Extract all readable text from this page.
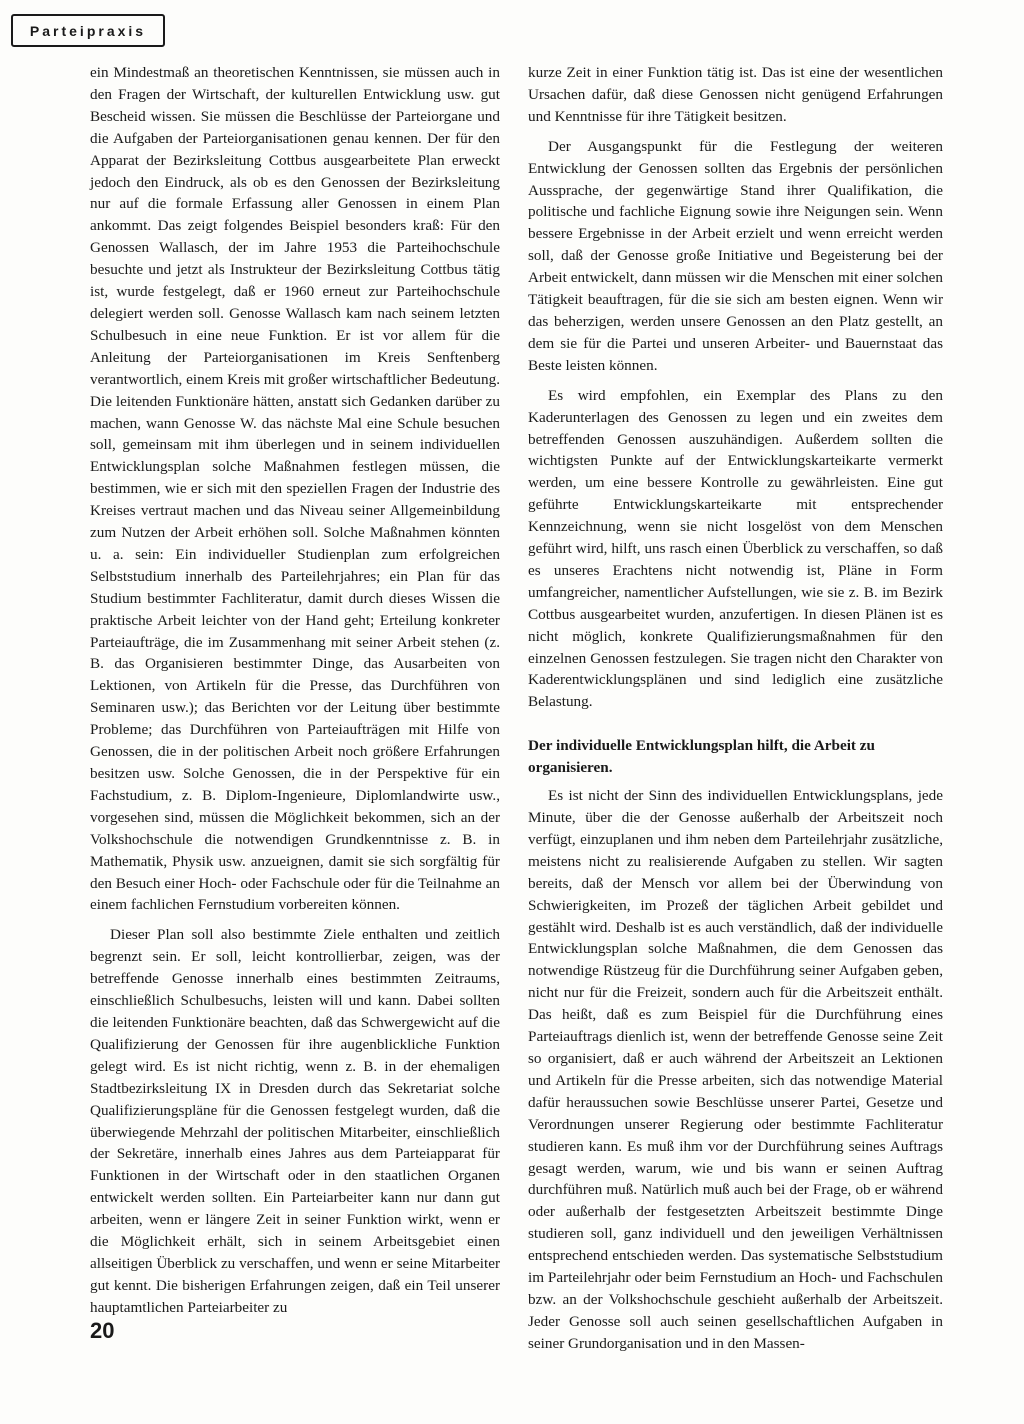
Parteipraxis

ein Mindestmaß an theoretischen Kenntnissen, sie müssen auch in den Fragen der Wirtschaft, der kulturellen Entwicklung usw. gut Bescheid wissen. Sie müssen die Beschlüsse der Parteiorgane und die Aufgaben der Parteiorganisationen genau kennen. Der für den Apparat der Bezirksleitung Cottbus ausgearbeitete Plan erweckt jedoch den Eindruck, als ob es den Genossen der Bezirksleitung nur auf die formale Erfassung aller Genossen in einem Plan ankommt. Das zeigt folgendes Beispiel besonders kraß: Für den Genossen Wallasch, der im Jahre 1953 die Parteihochschule besuchte und jetzt als Instrukteur der Bezirksleitung Cottbus tätig ist, wurde festgelegt, daß er 1960 erneut zur Parteihochschule delegiert werden soll. Genosse Wallasch kam nach seinem letzten Schulbesuch in eine neue Funktion. Er ist vor allem für die Anleitung der Parteiorganisationen im Kreis Senftenberg verantwortlich, einem Kreis mit großer wirtschaftlicher Bedeutung. Die leitenden Funktionäre hätten, anstatt sich Gedanken darüber zu machen, wann Genosse W. das nächste Mal eine Schule besuchen soll, gemeinsam mit ihm überlegen und in seinem individuellen Entwicklungsplan solche Maßnahmen festlegen müssen, die bestimmen, wie er sich mit den speziellen Fragen der Industrie des Kreises vertraut machen und das Niveau seiner Allgemeinbildung zum Nutzen der Arbeit erhöhen soll. Solche Maßnahmen könnten u. a. sein: Ein individueller Studienplan zum erfolgreichen Selbststudium innerhalb des Parteilehrjahres; ein Plan für das Studium bestimmter Fachliteratur, damit durch dieses Wissen die praktische Arbeit leichter von der Hand geht; Erteilung konkreter Parteiaufträge, die im Zusammenhang mit seiner Arbeit stehen (z. B. das Organisieren bestimmter Dinge, das Ausarbeiten von Lektionen, von Artikeln für die Presse, das Durchführen von Seminaren usw.); das Berichten vor der Leitung über bestimmte Probleme; das Durchführen von Parteiaufträgen mit Hilfe von Genossen, die in der politischen Arbeit noch größere Erfahrungen besitzen usw. Solche Genossen, die in der Perspektive für ein Fachstudium, z. B. Diplom-Ingenieure, Diplomlandwirte usw., vorgesehen sind, müssen die Möglichkeit bekommen, sich an der Volkshochschule die notwendigen Grundkenntnisse z. B. in Mathematik, Physik usw. anzueignen, damit sie sich sorgfältig für den Besuch einer Hoch- oder Fachschule oder für die Teilnahme an einem fachlichen Fernstudium vorbereiten können.

Dieser Plan soll also bestimmte Ziele enthalten und zeitlich begrenzt sein. Er soll, leicht kontrollierbar, zeigen, was der betreffende Genosse innerhalb eines bestimmten Zeitraums, einschließlich Schulbesuchs, leisten will und kann. Dabei sollten die leitenden Funktionäre beachten, daß das Schwergewicht auf die Qualifizierung der Genossen für ihre augenblickliche Funktion gelegt wird. Es ist nicht richtig, wenn z. B. in der ehemaligen Stadtbezirksleitung IX in Dresden durch das Sekretariat solche Qualifizierungspläne für die Genossen festgelegt wurden, daß die überwiegende Mehrzahl der politischen Mitarbeiter, einschließlich der Sekretäre, innerhalb eines Jahres aus dem Parteiapparat für Funktionen in der Wirtschaft oder in den staatlichen Organen entwickelt werden sollten. Ein Parteiarbeiter kann nur dann gut arbeiten, wenn er längere Zeit in seiner Funktion wirkt, wenn er die Möglichkeit erhält, sich in seinem Arbeitsgebiet einen allseitigen Überblick zu verschaffen, und wenn er seine Mitarbeiter gut kennt. Die bisherigen Erfahrungen zeigen, daß ein Teil unserer hauptamtlichen Parteiarbeiter zu

kurze Zeit in einer Funktion tätig ist. Das ist eine der wesentlichen Ursachen dafür, daß diese Genossen nicht genügend Erfahrungen und Kenntnisse für ihre Tätigkeit besitzen.

Der Ausgangspunkt für die Festlegung der weiteren Entwicklung der Genossen sollten das Ergebnis der persönlichen Aussprache, der gegenwärtige Stand ihrer Qualifikation, die politische und fachliche Eignung sowie ihre Neigungen sein. Wenn bessere Ergebnisse in der Arbeit erzielt und wenn erreicht werden soll, daß der Genosse große Initiative und Begeisterung bei der Arbeit entwickelt, dann müssen wir die Menschen mit einer solchen Tätigkeit beauftragen, für die sie sich am besten eignen. Wenn wir das beherzigen, werden unsere Genossen an den Platz gestellt, an dem sie für die Partei und unseren Arbeiter- und Bauernstaat das Beste leisten können.

Es wird empfohlen, ein Exemplar des Plans zu den Kaderunterlagen des Genossen zu legen und ein zweites dem betreffenden Genossen auszuhändigen. Außerdem sollten die wichtigsten Punkte auf der Entwicklungskarteikarte vermerkt werden, um eine bessere Kontrolle zu gewährleisten. Eine gut geführte Entwicklungskarteikarte mit entsprechender Kennzeichnung, wenn sie nicht losgelöst von dem Menschen geführt wird, hilft, uns rasch einen Überblick zu verschaffen, so daß es unseres Erachtens nicht notwendig ist, Pläne in Form umfangreicher, namentlicher Aufstellungen, wie sie z. B. im Bezirk Cottbus ausgearbeitet wurden, anzufertigen. In diesen Plänen ist es nicht möglich, konkrete Qualifizierungsmaßnahmen für den einzelnen Genossen festzulegen. Sie tragen nicht den Charakter von Kaderentwicklungsplänen und sind lediglich eine zusätzliche Belastung.

Der individuelle Entwicklungsplan hilft, die Arbeit zu organisieren.

Es ist nicht der Sinn des individuellen Entwicklungsplans, jede Minute, über die der Genosse außerhalb der Arbeitszeit noch verfügt, einzuplanen und ihm neben dem Parteilehrjahr zusätzliche, meistens nicht zu realisierende Aufgaben zu stellen. Wir sagten bereits, daß der Mensch vor allem bei der Überwindung von Schwierigkeiten, im Prozeß der täglichen Arbeit gebildet und gestählt wird. Deshalb ist es auch verständlich, daß der individuelle Entwicklungsplan solche Maßnahmen, die dem Genossen das notwendige Rüstzeug für die Durchführung seiner Aufgaben geben, nicht nur für die Freizeit, sondern auch für die Arbeitszeit enthält. Das heißt, daß es zum Beispiel für die Durchführung eines Parteiauftrags dienlich ist, wenn der betreffende Genosse seine Zeit so organisiert, daß er auch während der Arbeitszeit an Lektionen und Artikeln für die Presse arbeiten, sich das notwendige Material dafür heraussuchen sowie Beschlüsse unserer Partei, Gesetze und Verordnungen unserer Regierung oder bestimmte Fachliteratur studieren kann. Es muß ihm vor der Durchführung seines Auftrags gesagt werden, warum, wie und bis wann er seinen Auftrag durchführen muß. Natürlich muß auch bei der Frage, ob er während oder außerhalb der festgesetzten Arbeitszeit bestimmte Dinge studieren soll, ganz individuell und den jeweiligen Verhältnissen entsprechend entschieden werden. Das systematische Selbststudium im Parteilehrjahr oder beim Fernstudium an Hoch- und Fachschulen bzw. an der Volkshochschule geschieht außerhalb der Arbeitszeit. Jeder Genosse soll auch seinen gesellschaftlichen Aufgaben in seiner Grundorganisation und in den Massen-

20
